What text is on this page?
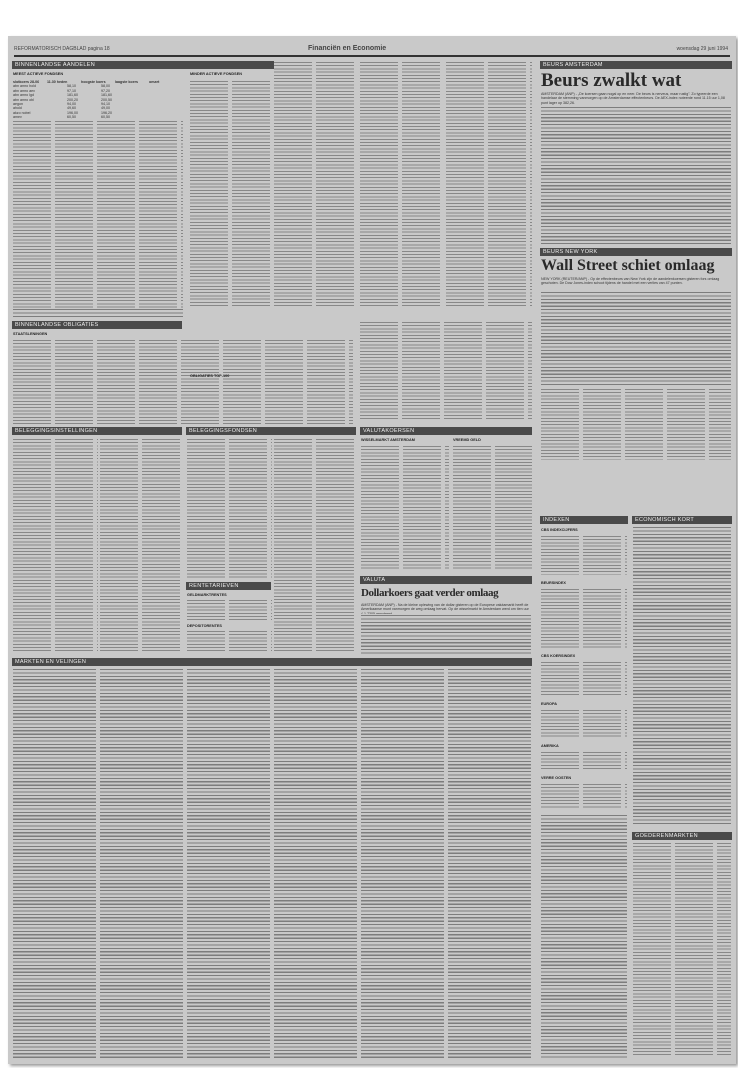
REFORMATORISCH DAGBLAD pagina 18	Financiën en Economie	woensdag 29 juni 1994
BINNENLANDSE AANDELEN
MEEST ACTIEVE FONDSEN	MINDER ACTIEVE FONDSEN
slotkoers 28-06	11.30 heden	hoogste koers	laagste koers	omzet
abn amro hold	58,10	58,00
abn amro aex	97,10	97,20
abn amro lgd	181,60	181,60
abn amro obl	200,20	200,50
aegon	94,00	94,10
ahold	49,60	49,00
akzo nobel	196,00	196,20
amev	60,50	60,50
BINNENLANDSE OBLIGATIES
STAATSLENINGEN
OBLIGATIES TOP-100
BELEGGINGSINSTELLINGEN	BELEGGINGSFONDSEN
RENTETARIEVEN
GELDMARKTRENTES
DEPOSITORENTES
VALUTAKOERSEN
WISSELMARKT AMSTERDAM	VREEMD GELD
VALUTA
Dollarkoers gaat verder omlaag
AMSTERDAM (ANP) - Na de kleine oplewing van de dollar gisteren op de Europese valutamarkt heeft de Amerikaanse munt vanmorgen de weg omlaag hervat. Op de wisselmarkt te Amsterdam werd om tien uur
MARKTEN EN VELINGEN
BEURS AMSTERDAM
Beurs zwalkt wat
AMSTERDAM (ANP) - „De koersen gaan nogal op en neer. De beurs is nerveus, maar rustig”. Zo typeerde een handelaar de stemming vanmorgen op de Amsterdamse effectenbeurs. De AEX-index noteerde rond 11.15 uur 1,08 punt lager op 382,26.
BEURS NEW YORK
Wall Street schiet omlaag
NEW YORK (REUTER/ANP) - Op de effectenbeurs van New York zijn de aandelenkoersen gisteren fors omlaag geschoten. De Dow Jones-index schoot tijdens de handel met een verlies van 47 punten.
INDEXEN
CBS INDEXCIJFERS
BEURSINDEX
CBS KOERSINDEX
EUROPA
AMERIKA
VERRE OOSTEN
ECONOMISCH KORT
GOEDERENMARKTEN
